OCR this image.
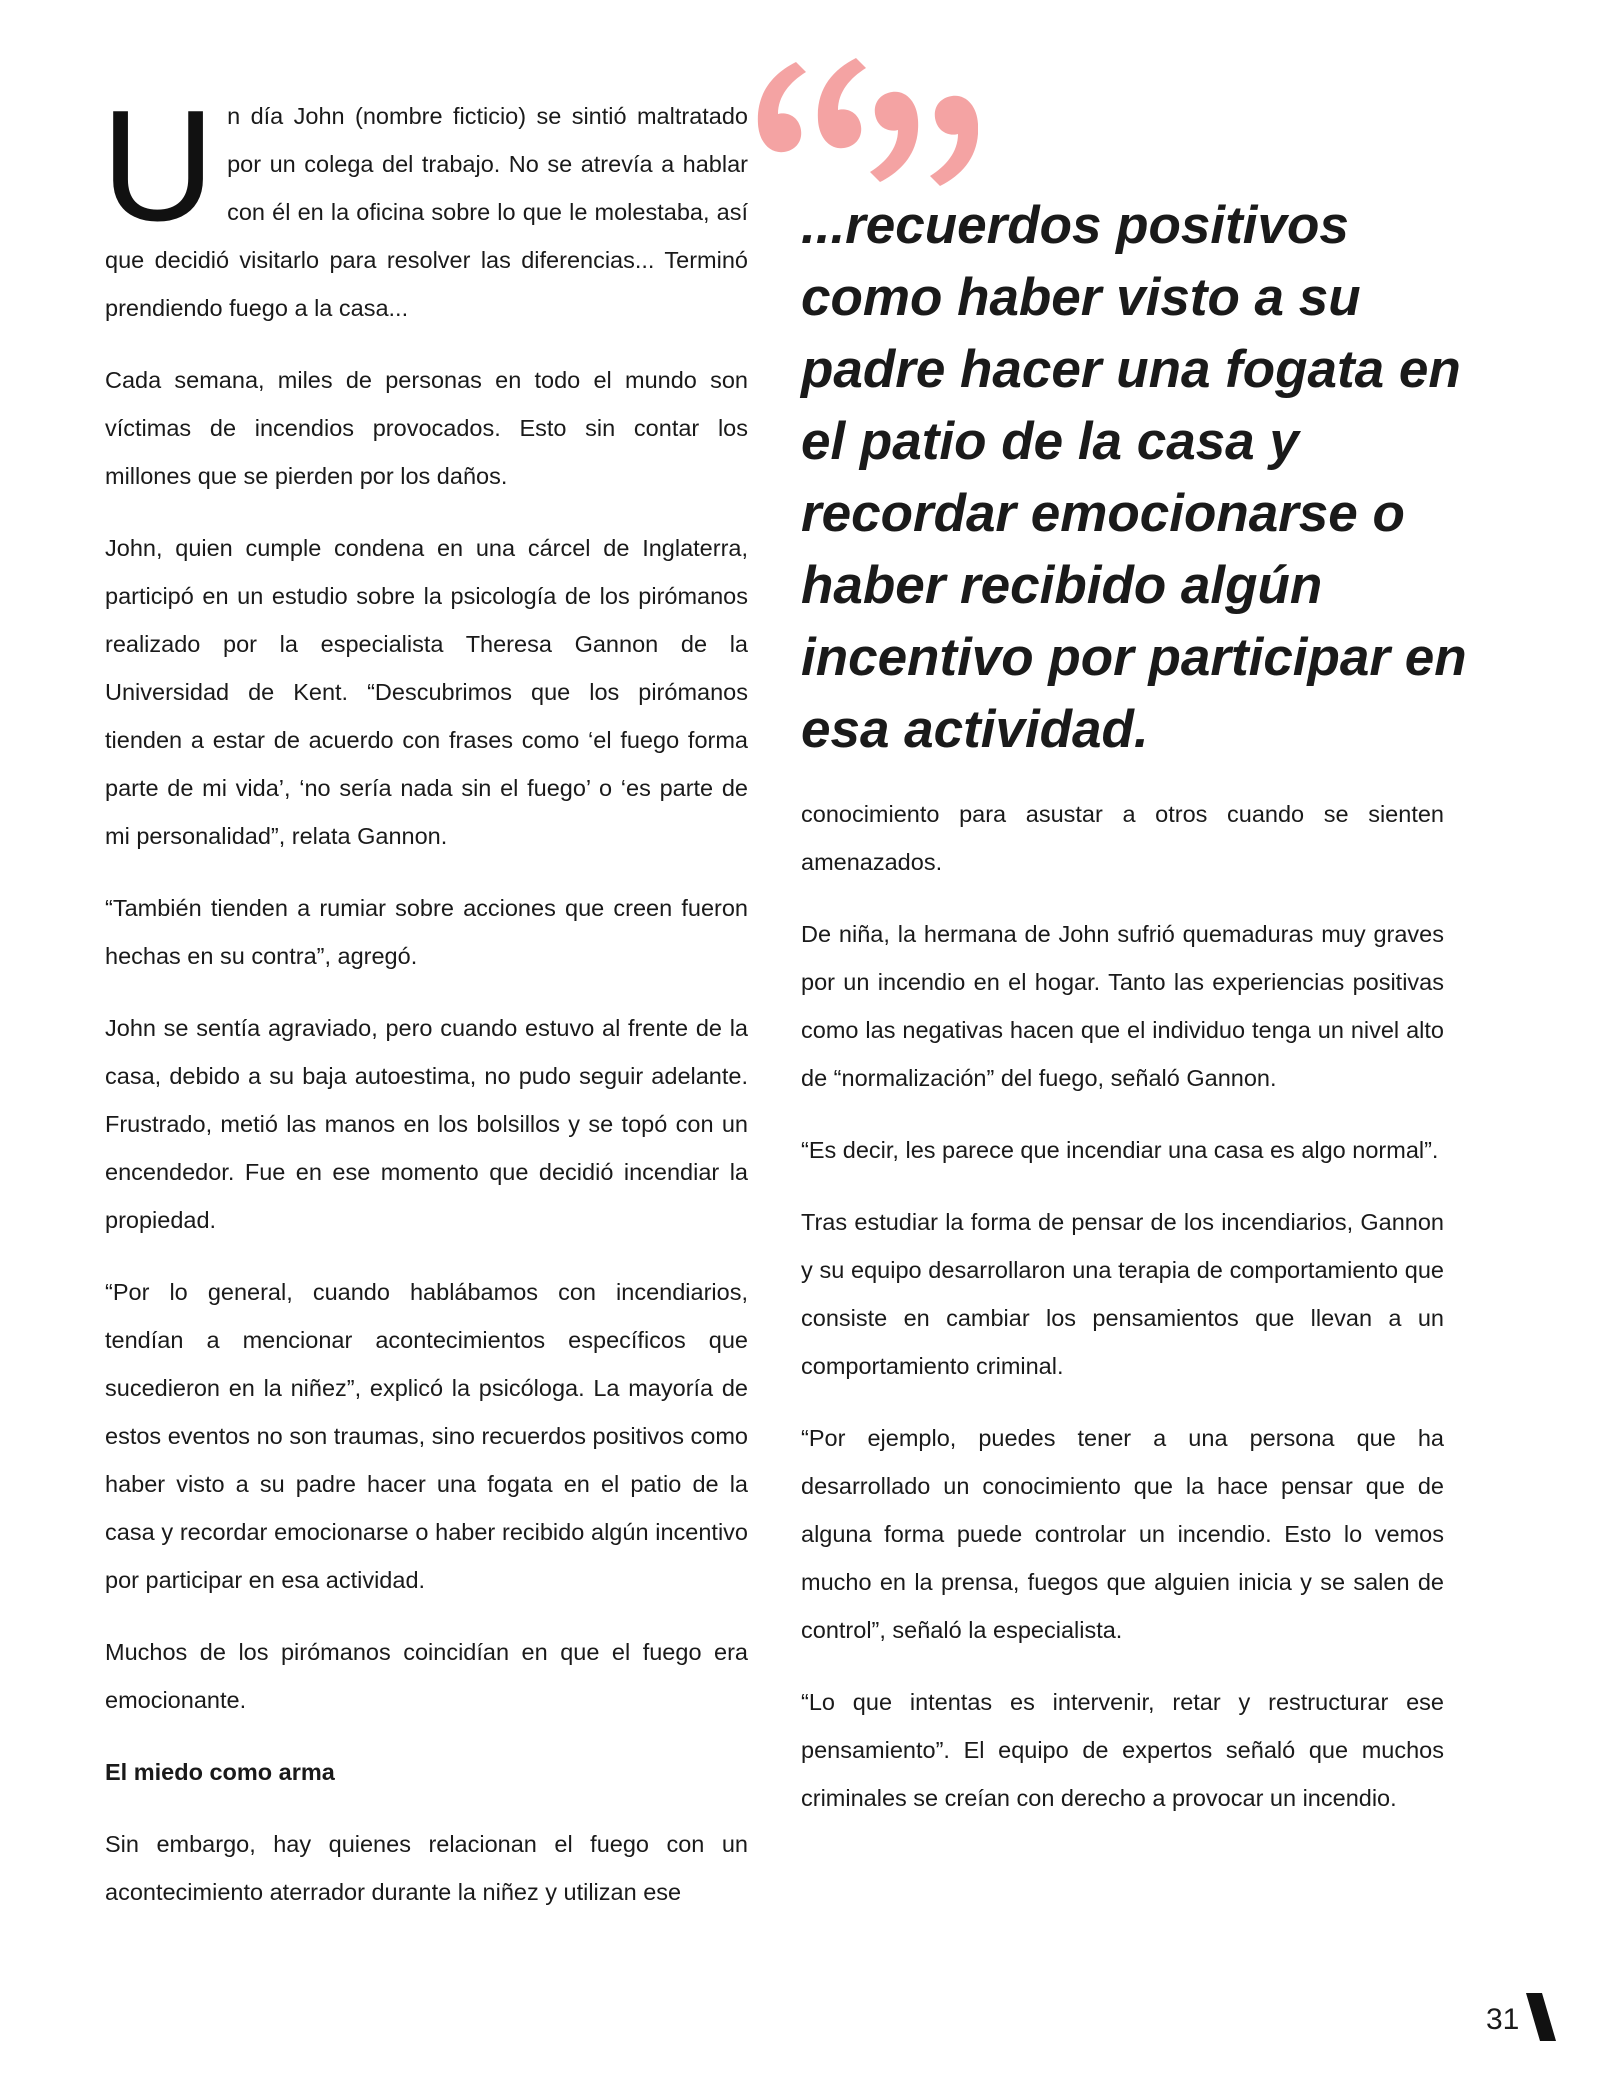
Un día John (nombre ficticio) se sintió maltratado por un colega del trabajo. No se atrevía a hablar con él en la oficina sobre lo que le molestaba, así que decidió visitarlo para resolver las diferencias... Terminó prendiendo fuego a la casa...

Cada semana, miles de personas en todo el mundo son víctimas de incendios provocados. Esto sin contar los millones que se pierden por los daños.

John, quien cumple condena en una cárcel de Inglaterra, participó en un estudio sobre la psicología de los pirómanos realizado por la especialista Theresa Gannon de la Universidad de Kent. “Descubrimos que los pirómanos tienden a estar de acuerdo con frases como ‘el fuego forma parte de mi vida’, ‘no sería nada sin el fuego’ o ‘es parte de mi personalidad”, relata Gannon.

“También tienden a rumiar sobre acciones que creen fueron hechas en su contra”, agregó.

John se sentía agraviado, pero cuando estuvo al frente de la casa, debido a su baja autoestima, no pudo seguir adelante. Frustrado, metió las manos en los bolsillos y se topó con un encendedor. Fue en ese momento que decidió incendiar la propiedad.

“Por lo general, cuando hablábamos con incendiarios, tendían a mencionar acontecimientos específicos que sucedieron en la niñez”, explicó la psicóloga. La mayoría de estos eventos no son traumas, sino recuerdos positivos como haber visto a su padre hacer una fogata en el patio de la casa y recordar emocionarse o haber recibido algún incentivo por participar en esa actividad.

Muchos de los pirómanos coincidían en que el fuego era emocionante.

El miedo como arma

Sin embargo, hay quienes relacionan el fuego con un acontecimiento aterrador durante la niñez y utilizan ese

...recuerdos positivos como haber visto a su padre hacer una fogata en el patio de la casa y recordar emocionarse o haber recibido algún incentivo por participar en esa actividad.

conocimiento para asustar a otros cuando se sienten amenazados.

De niña, la hermana de John sufrió quemaduras muy graves por un incendio en el hogar. Tanto las experiencias positivas como las negativas hacen que el individuo tenga un nivel alto de “normalización” del fuego, señaló Gannon.

“Es decir, les parece que incendiar una casa es algo normal”.

Tras estudiar la forma de pensar de los incendiarios, Gannon y su equipo desarrollaron una terapia de comportamiento que consiste en cambiar los pensamientos que llevan a un comportamiento criminal.

“Por ejemplo, puedes tener a una persona que ha desarrollado un conocimiento que la hace pensar que de alguna forma puede controlar un incendio. Esto lo vemos mucho en la prensa, fuegos que alguien inicia y se salen de control”, señaló la especialista.

“Lo que intentas es intervenir, retar y restructurar ese pensamiento”. El equipo de expertos señaló que muchos criminales se creían con derecho a provocar un incendio.

31
